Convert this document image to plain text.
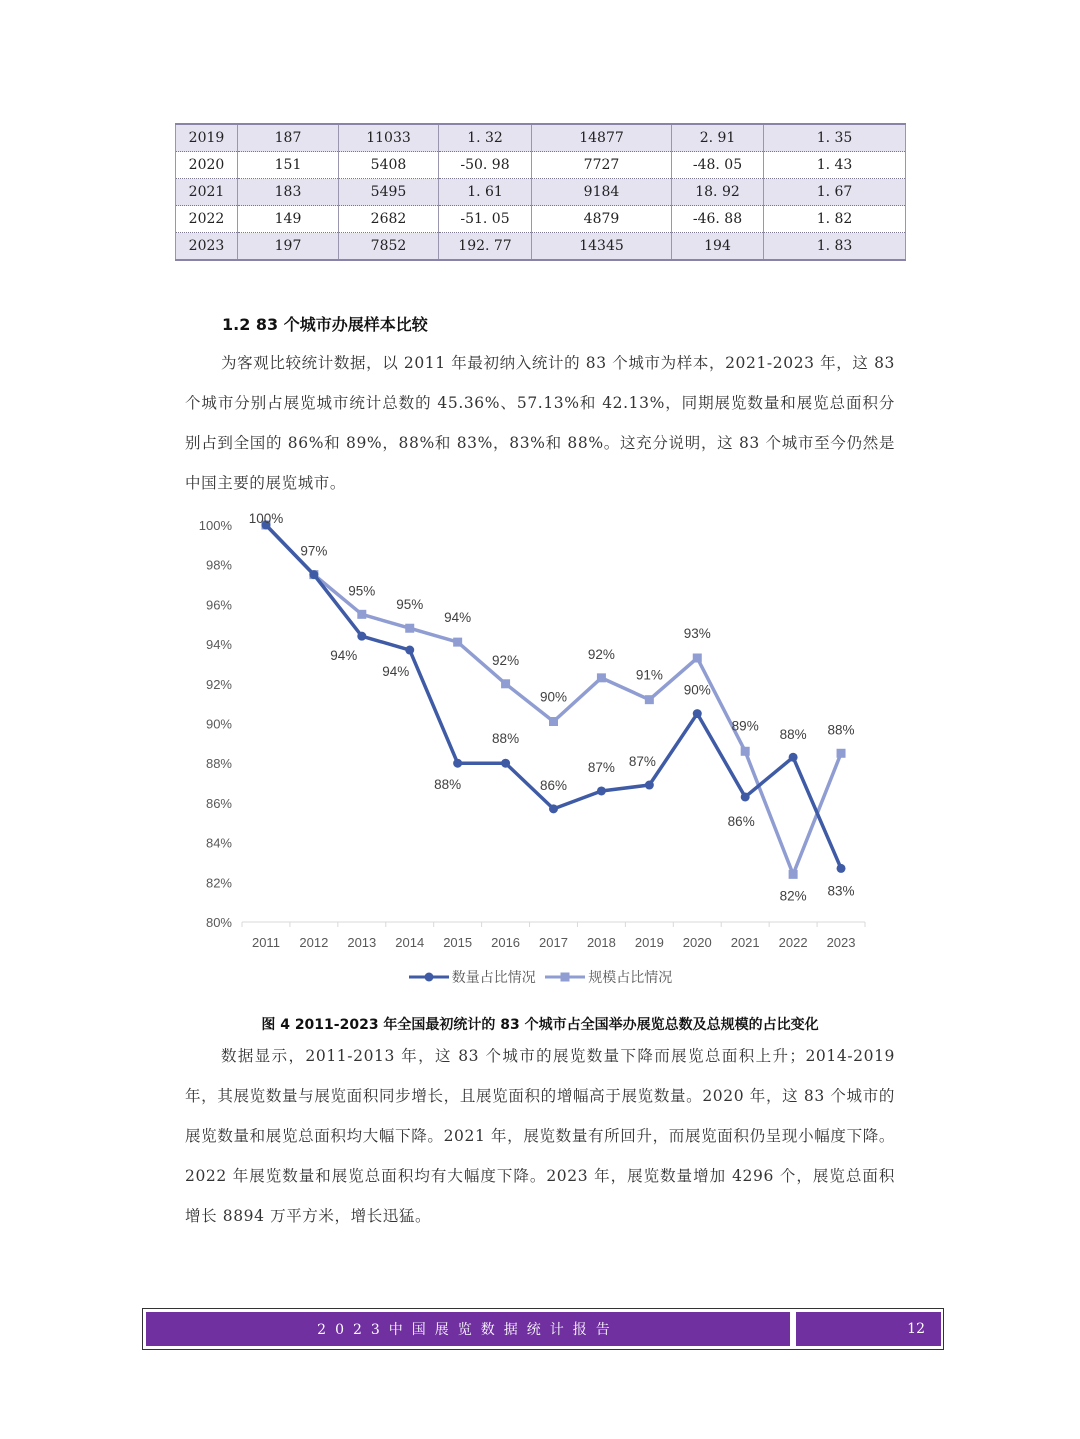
2019	187	11033	1. 32	14877	2. 91	1. 35
2020	151	5408	-50. 98	7727	-48. 05	1. 43
2021	183	5495	1. 61	9184	18. 92	1. 67
2022	149	2682	-51. 05	4879	-46. 88	1. 82
2023	197	7852	192. 77	14345	194	1. 83
1.2 83 个城市办展样本比较

为客观比较统计数据，以 2011 年最初纳入统计的 83 个城市为样本，2021-2023 年，这 83 个城市分别占展览城市统计总数的 45.36%、57.13%和 42.13%，同期展览数量和展览总面积分别占到全国的 86%和 89%，88%和 83%，83%和 88%。这充分说明，这 83 个城市至今仍然是中国主要的展览城市。

80%
82%
84%
86%
88%
90%
92%
94%
96%
98%
100%
2011 2012 2013 2014 2015 2016 2017 2018 2019 2020 2021 2022 2023
100%
94%
94%
88%
88%
86%
87% 87%
90%
86%
88%
83%
97%
95%
95%
94%
92%
90%
92%
91%
93%
89%
82%
88%
数量占比情况
	规模占比情况

图 4 2011-2023 年全国最初统计的 83 个城市占全国举办展览总数及总规模的占比变化

数据显示，2011-2013 年，这 83 个城市的展览数量下降而展览总面积上升；2014-2019 年，其展览数量与展览面积同步增长，且展览面积的增幅高于展览数量。2020 年，这 83 个城市的展览数量和展览总面积均大幅下降。2021 年，展览数量有所回升，而展览面积仍呈现小幅度下降。2022 年展览数量和展览总面积均有大幅度下降。2023 年，展览数量增加 4296 个，展览总面积增长 8894 万平方米，增长迅猛。

2023中国展览数据统计报告	12
